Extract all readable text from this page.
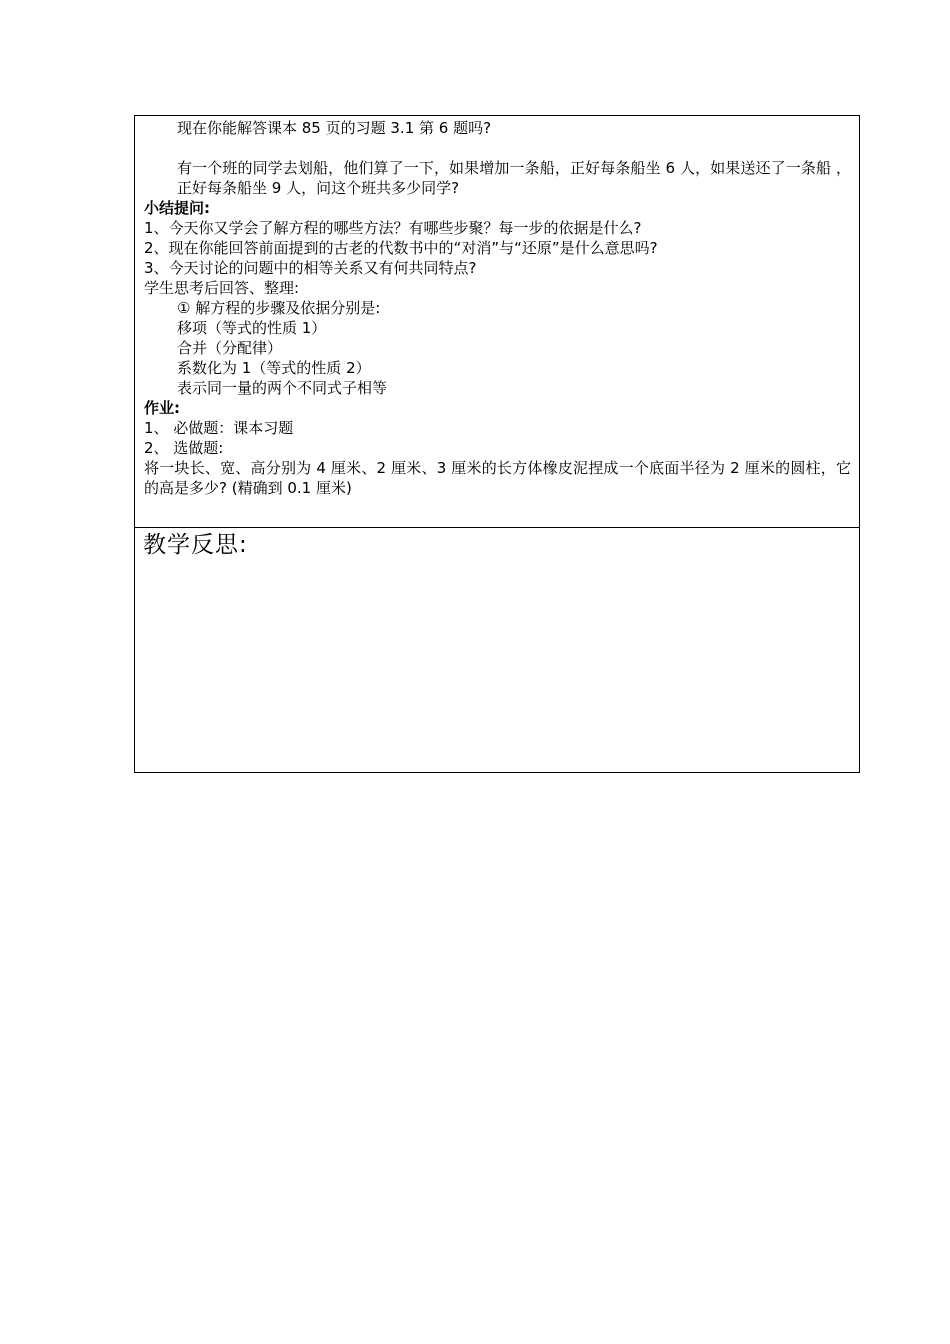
现在你能解答课本 85 页的习题 3.1 第 6 题吗?
有一个班的同学去划船，他们算了一下，如果增加一条船，正好每条船坐 6 人，如果送还了一条船 ，正好每条船坐 9 人，问这个班共多少同学?
小结提问:
1、今天你又学会了解方程的哪些方法？有哪些步聚？每一步的依据是什么?
2、现在你能回答前面提到的古老的代数书中的“对消”与“还原”是什么意思吗?
3、今天讨论的问题中的相等关系又有何共同特点?
学生思考后回答、整理:
① 解方程的步骤及依据分别是:
移项（等式的性质 1）
合并（分配律）
系数化为 1（等式的性质 2）
表示同一量的两个不同式子相等
作业:
1、 必做题：课本习题
2、 选做题:
将一块长、宽、高分别为 4 厘米、2 厘米、3 厘米的长方体橡皮泥捏成一个底面半径为 2 厘米的圆柱，它的高是多少? (精确到 0.1 厘米)
教学反思:
